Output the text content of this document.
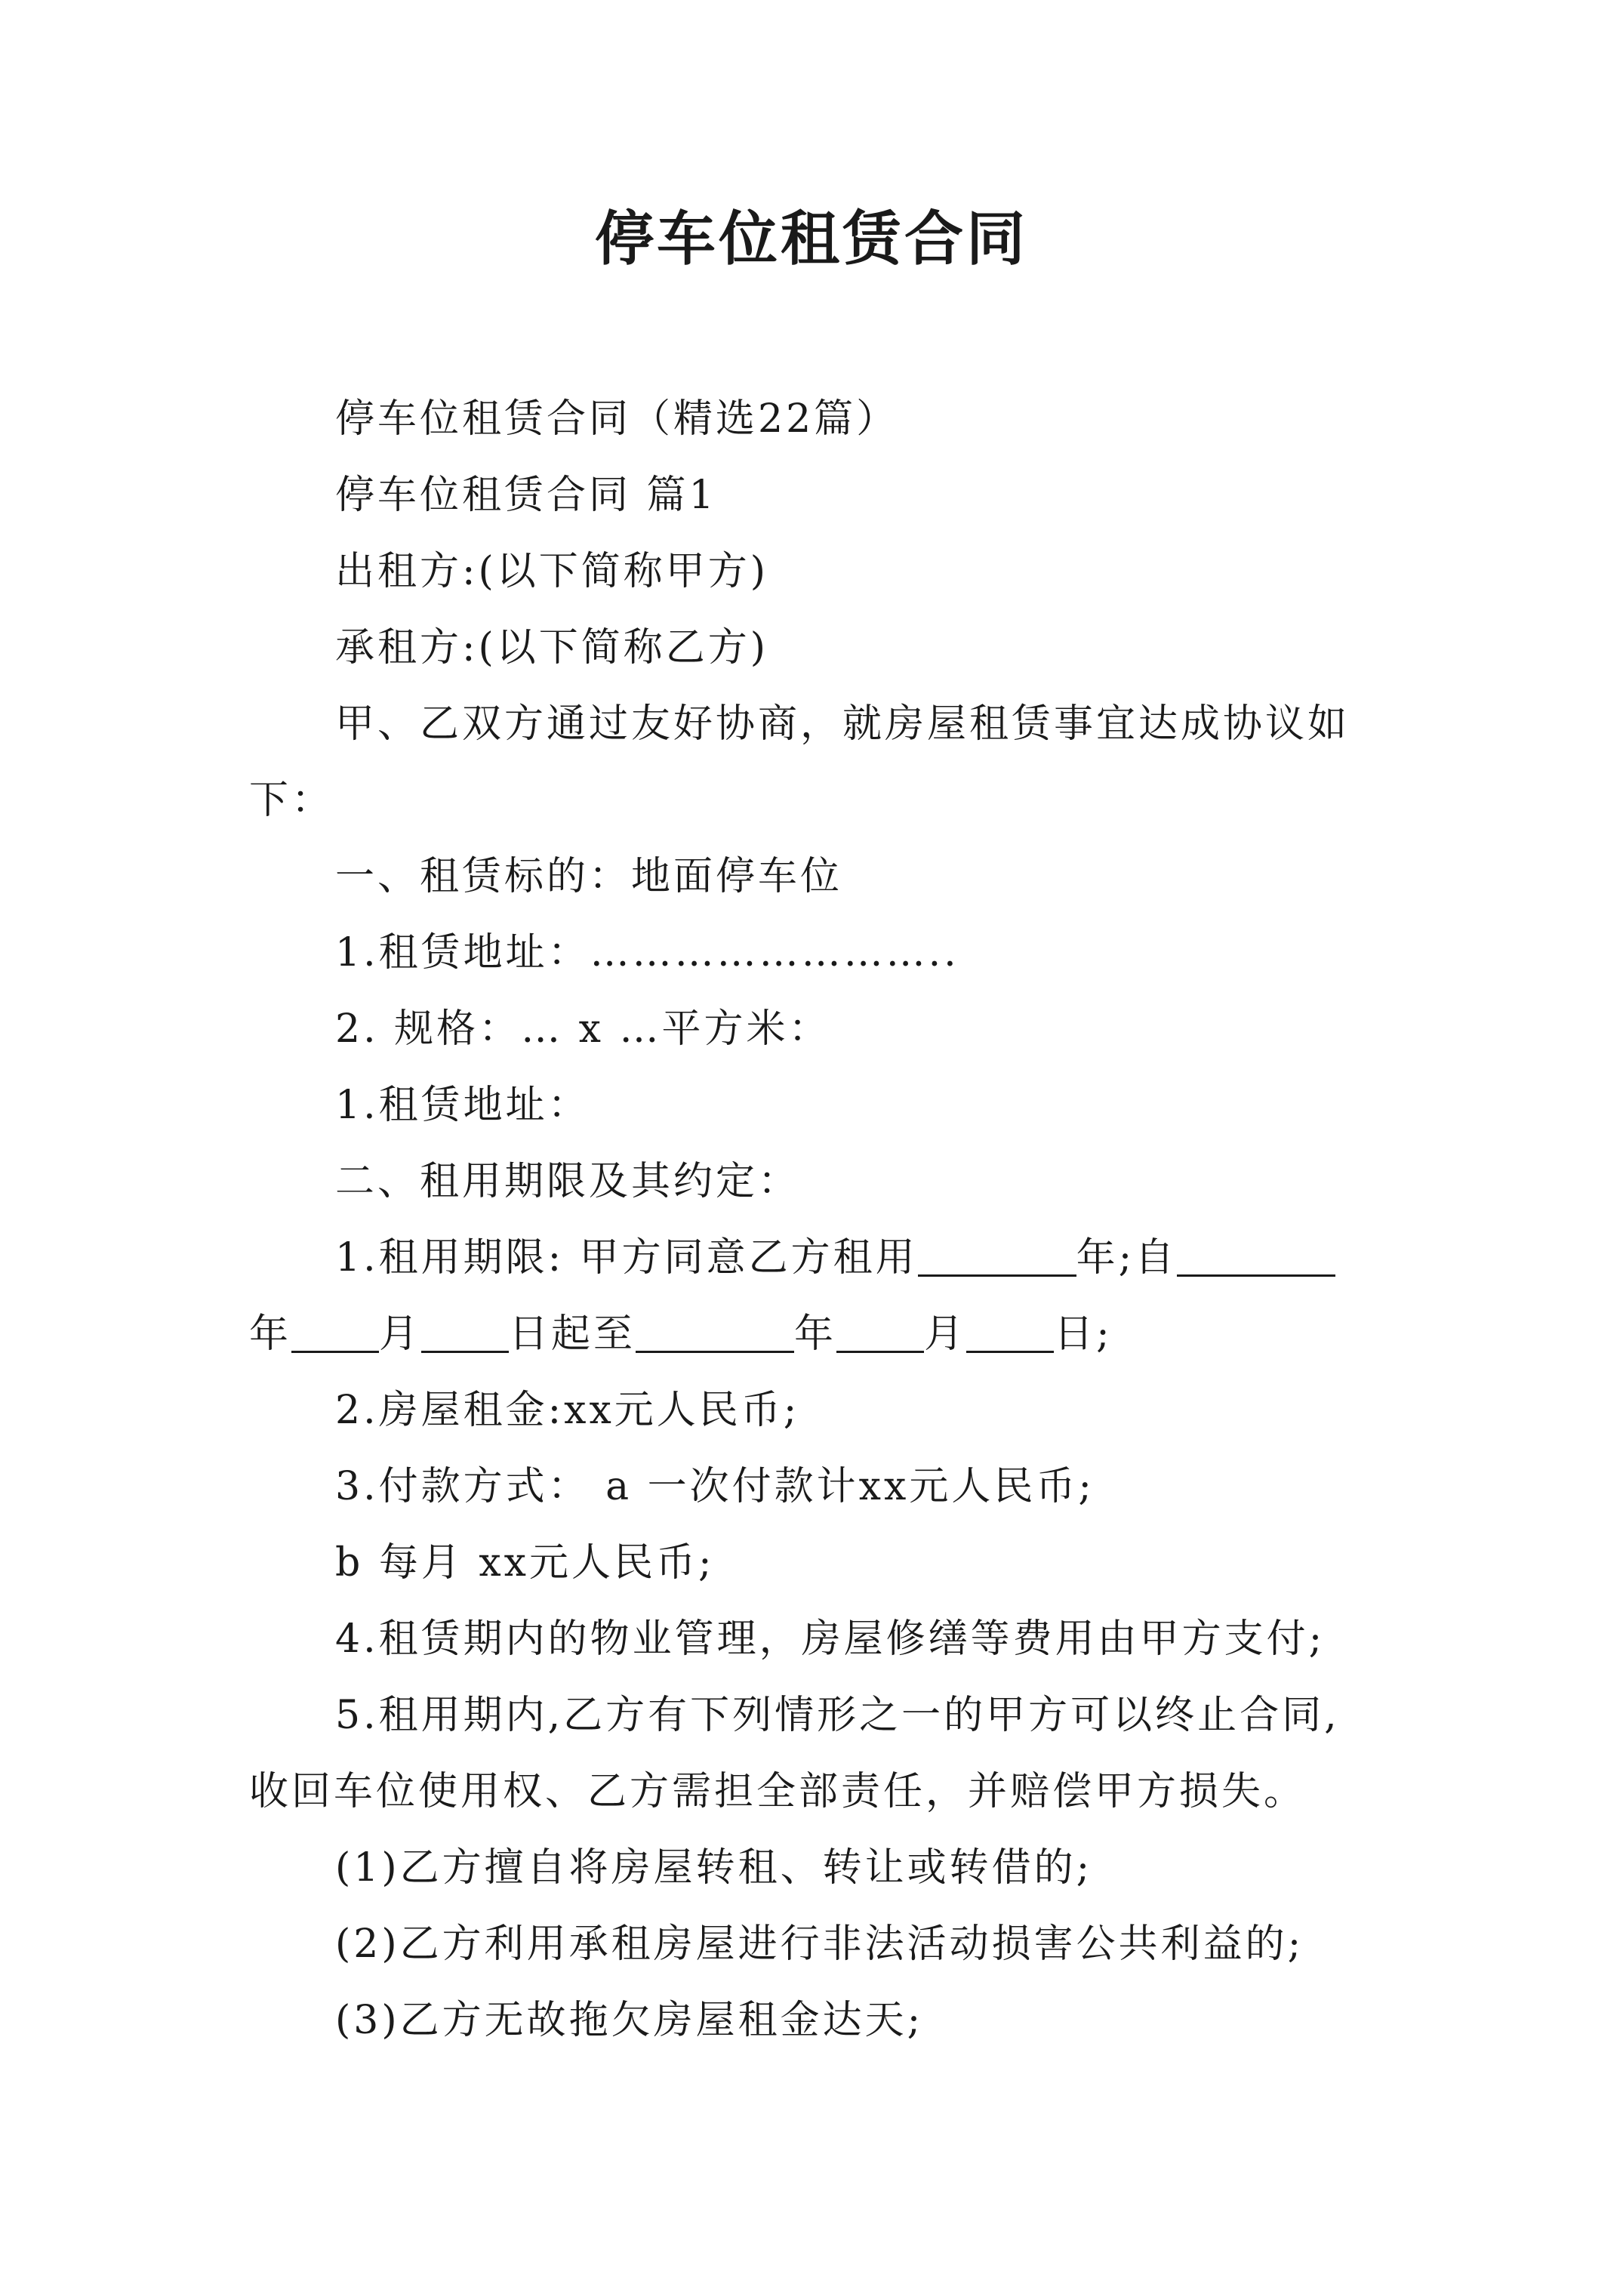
停车位租赁合同

停车位租赁合同（精选22篇）

停车位租赁合同 篇1

出租方:(以下简称甲方)

承租方:(以下简称乙方)

甲、乙双方通过友好协商，就房屋租赁事宜达成协议如

下：

一、租赁标的：地面停车位

1.租赁地址：……………………..

2. 规格：… x …平方米：

1.租赁地址：

二、租用期限及其约定：

1.租用期限: 甲方同意乙方租用	年;自

年 月 日起至	年 月 日;

2.房屋租金:xx元人民币;

3.付款方式： a 一次付款计xx元人民币;

b 每月 xx元人民币;

4.租赁期内的物业管理，房屋修缮等费用由甲方支付;

5.租用期内,乙方有下列情形之一的甲方可以终止合同,

收回车位使用权、乙方需担全部责任，并赔偿甲方损失。

(1)乙方擅自将房屋转租、转让或转借的;

(2)乙方利用承租房屋进行非法活动损害公共利益的;

(3)乙方无故拖欠房屋租金达天;
